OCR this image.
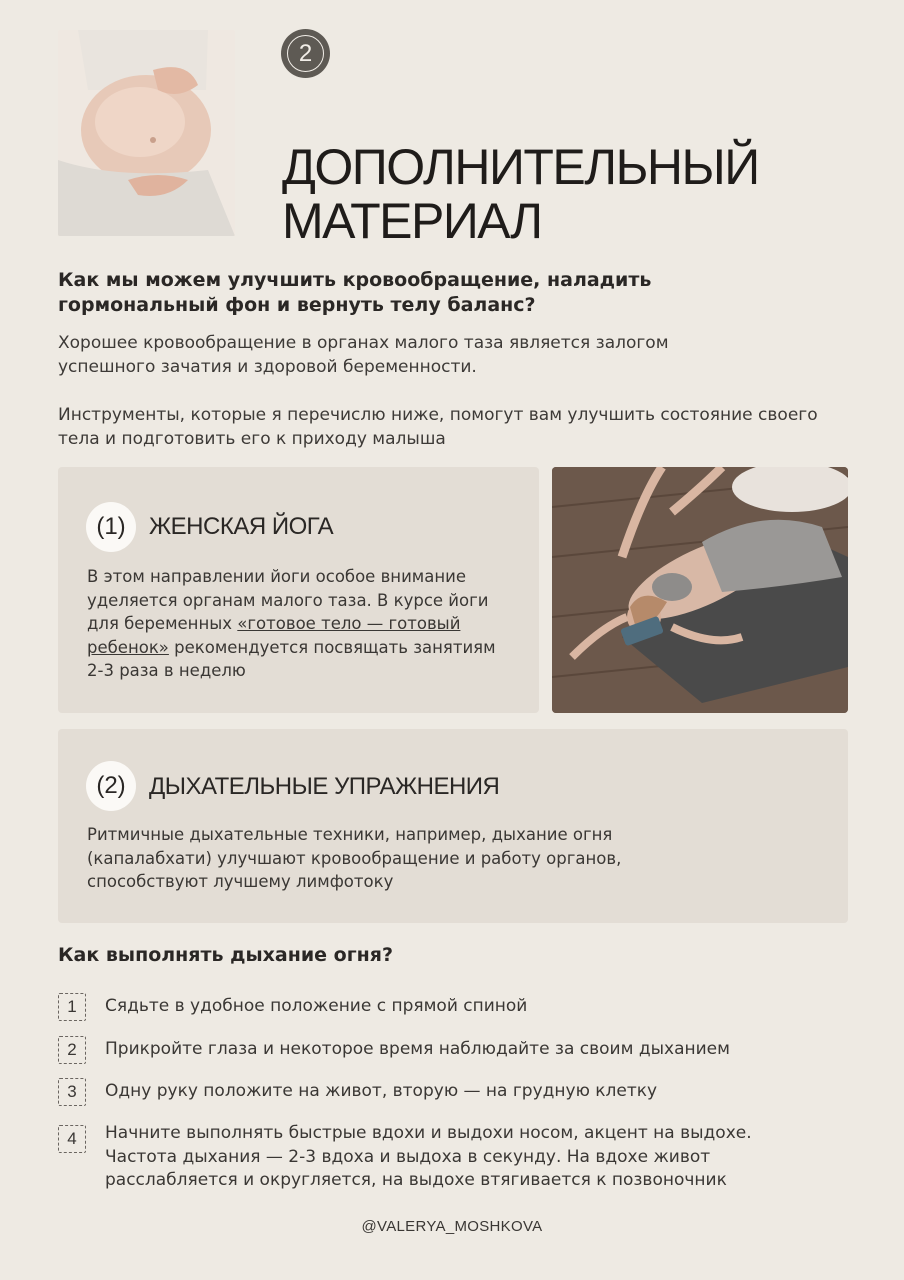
2
ДОПОЛНИТЕЛЬНЫЙ
МАТЕРИАЛ
Как мы можем улучшить кровообращение, наладить
гормональный фон и вернуть телу баланс?

Хорошее кровообращение в органах малого таза является залогом успешного зачатия и здоровой беременности.

Инструменты, которые я перечислю ниже, помогут вам улучшить состояние своего тела и подготовить его к приходу малыша

(1) ЖЕНСКАЯ ЙОГА
В этом направлении йоги особое внимание уделяется органам малого таза. В курсе йоги для беременных «готовое тело — готовый ребенок» рекомендуется посвящать занятиям 2-3 раза в неделю
(2) ДЫХАТЕЛЬНЫЕ УПРАЖНЕНИЯ
Ритмичные дыхательные техники, например, дыхание огня (капалабхати) улучшают кровообращение и работу органов, способствуют лучшему лимфотоку
Как выполнять дыхание огня?
1	Сядьте в удобное положение с прямой спиной
2	Прикройте глаза и некоторое время наблюдайте за своим дыханием
3	Одну руку положите на живот, вторую — на грудную клетку
4	Начните выполнять быстрые вдохи и выдохи носом, акцент на выдохе. Частота дыхания — 2-3 вдоха и выдоха в секунду. На вдохе живот расслабляется и округляется, на выдохе втягивается к позвоночник
@VALERYA_MOSHKOVA
